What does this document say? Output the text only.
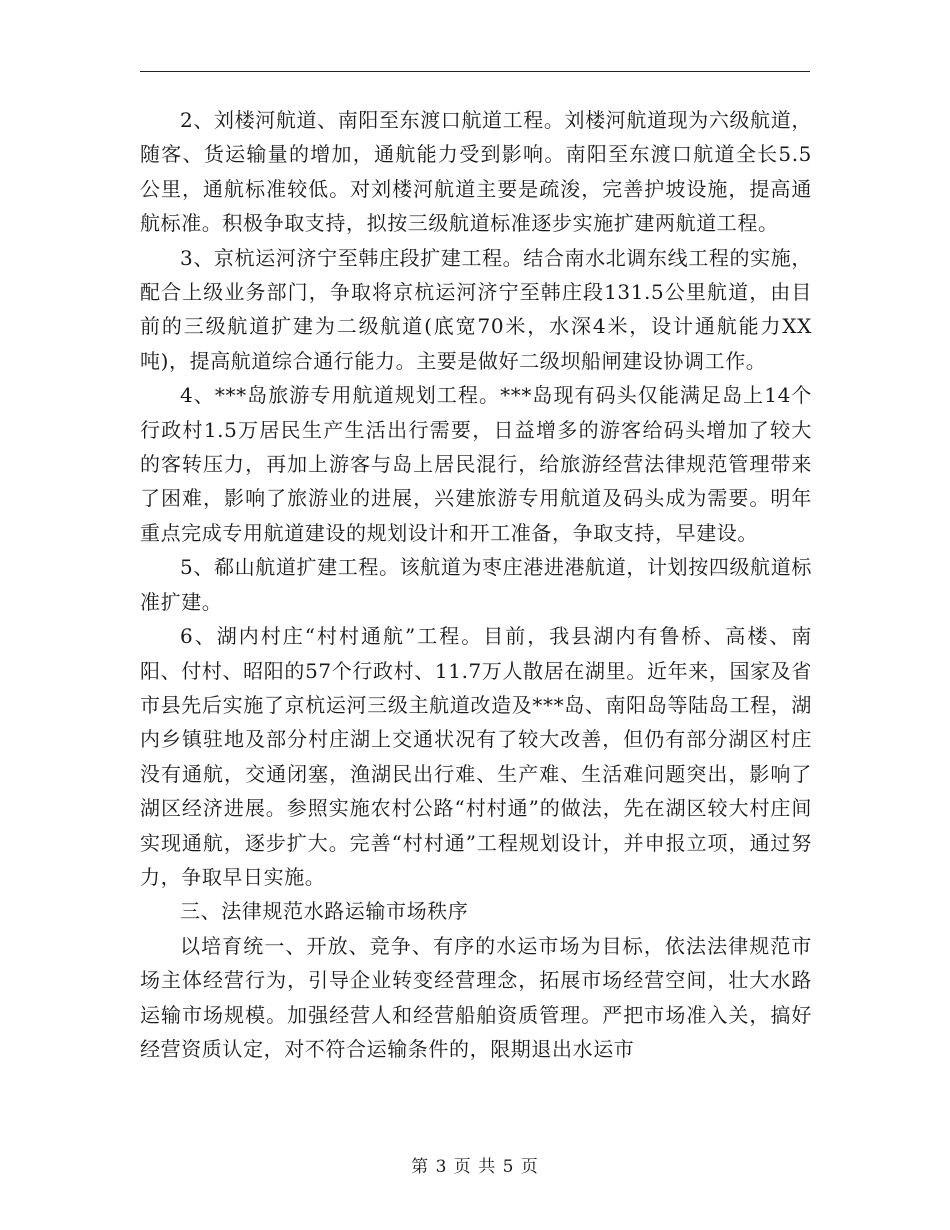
2、刘楼河航道、南阳至东渡口航道工程。刘楼河航道现为六级航道，随客、货运输量的增加，通航能力受到影响。南阳至东渡口航道全长5.5公里，通航标准较低。对刘楼河航道主要是疏浚，完善护坡设施，提高通航标准。积极争取支持，拟按三级航道标准逐步实施扩建两航道工程。

3、京杭运河济宁至韩庄段扩建工程。结合南水北调东线工程的实施，配合上级业务部门，争取将京杭运河济宁至韩庄段131.5公里航道，由目前的三级航道扩建为二级航道(底宽70米，水深4米，设计通航能力XX吨)，提高航道综合通行能力。主要是做好二级坝船闸建设协调工作。

4、***岛旅游专用航道规划工程。***岛现有码头仅能满足岛上14个行政村1.5万居民生产生活出行需要，日益增多的游客给码头增加了较大的客转压力，再加上游客与岛上居民混行，给旅游经营法律规范管理带来了困难，影响了旅游业的进展，兴建旅游专用航道及码头成为需要。明年重点完成专用航道建设的规划设计和开工准备，争取支持，早建设。

5、郗山航道扩建工程。该航道为枣庄港进港航道，计划按四级航道标准扩建。

6、湖内村庄“村村通航”工程。目前，我县湖内有鲁桥、高楼、南阳、付村、昭阳的57个行政村、11.7万人散居在湖里。近年来，国家及省市县先后实施了京杭运河三级主航道改造及***岛、南阳岛等陆岛工程，湖内乡镇驻地及部分村庄湖上交通状况有了较大改善，但仍有部分湖区村庄没有通航，交通闭塞，渔湖民出行难、生产难、生活难问题突出，影响了湖区经济进展。参照实施农村公路“村村通”的做法，先在湖区较大村庄间实现通航，逐步扩大。完善“村村通”工程规划设计，并申报立项，通过努力，争取早日实施。

三、法律规范水路运输市场秩序

以培育统一、开放、竞争、有序的水运市场为目标，依法法律规范市场主体经营行为，引导企业转变经营理念，拓展市场经营空间，壮大水路运输市场规模。加强经营人和经营船舶资质管理。严把市场准入关，搞好经营资质认定，对不符合运输条件的，限期退出水运市

第 3 页 共 5 页
